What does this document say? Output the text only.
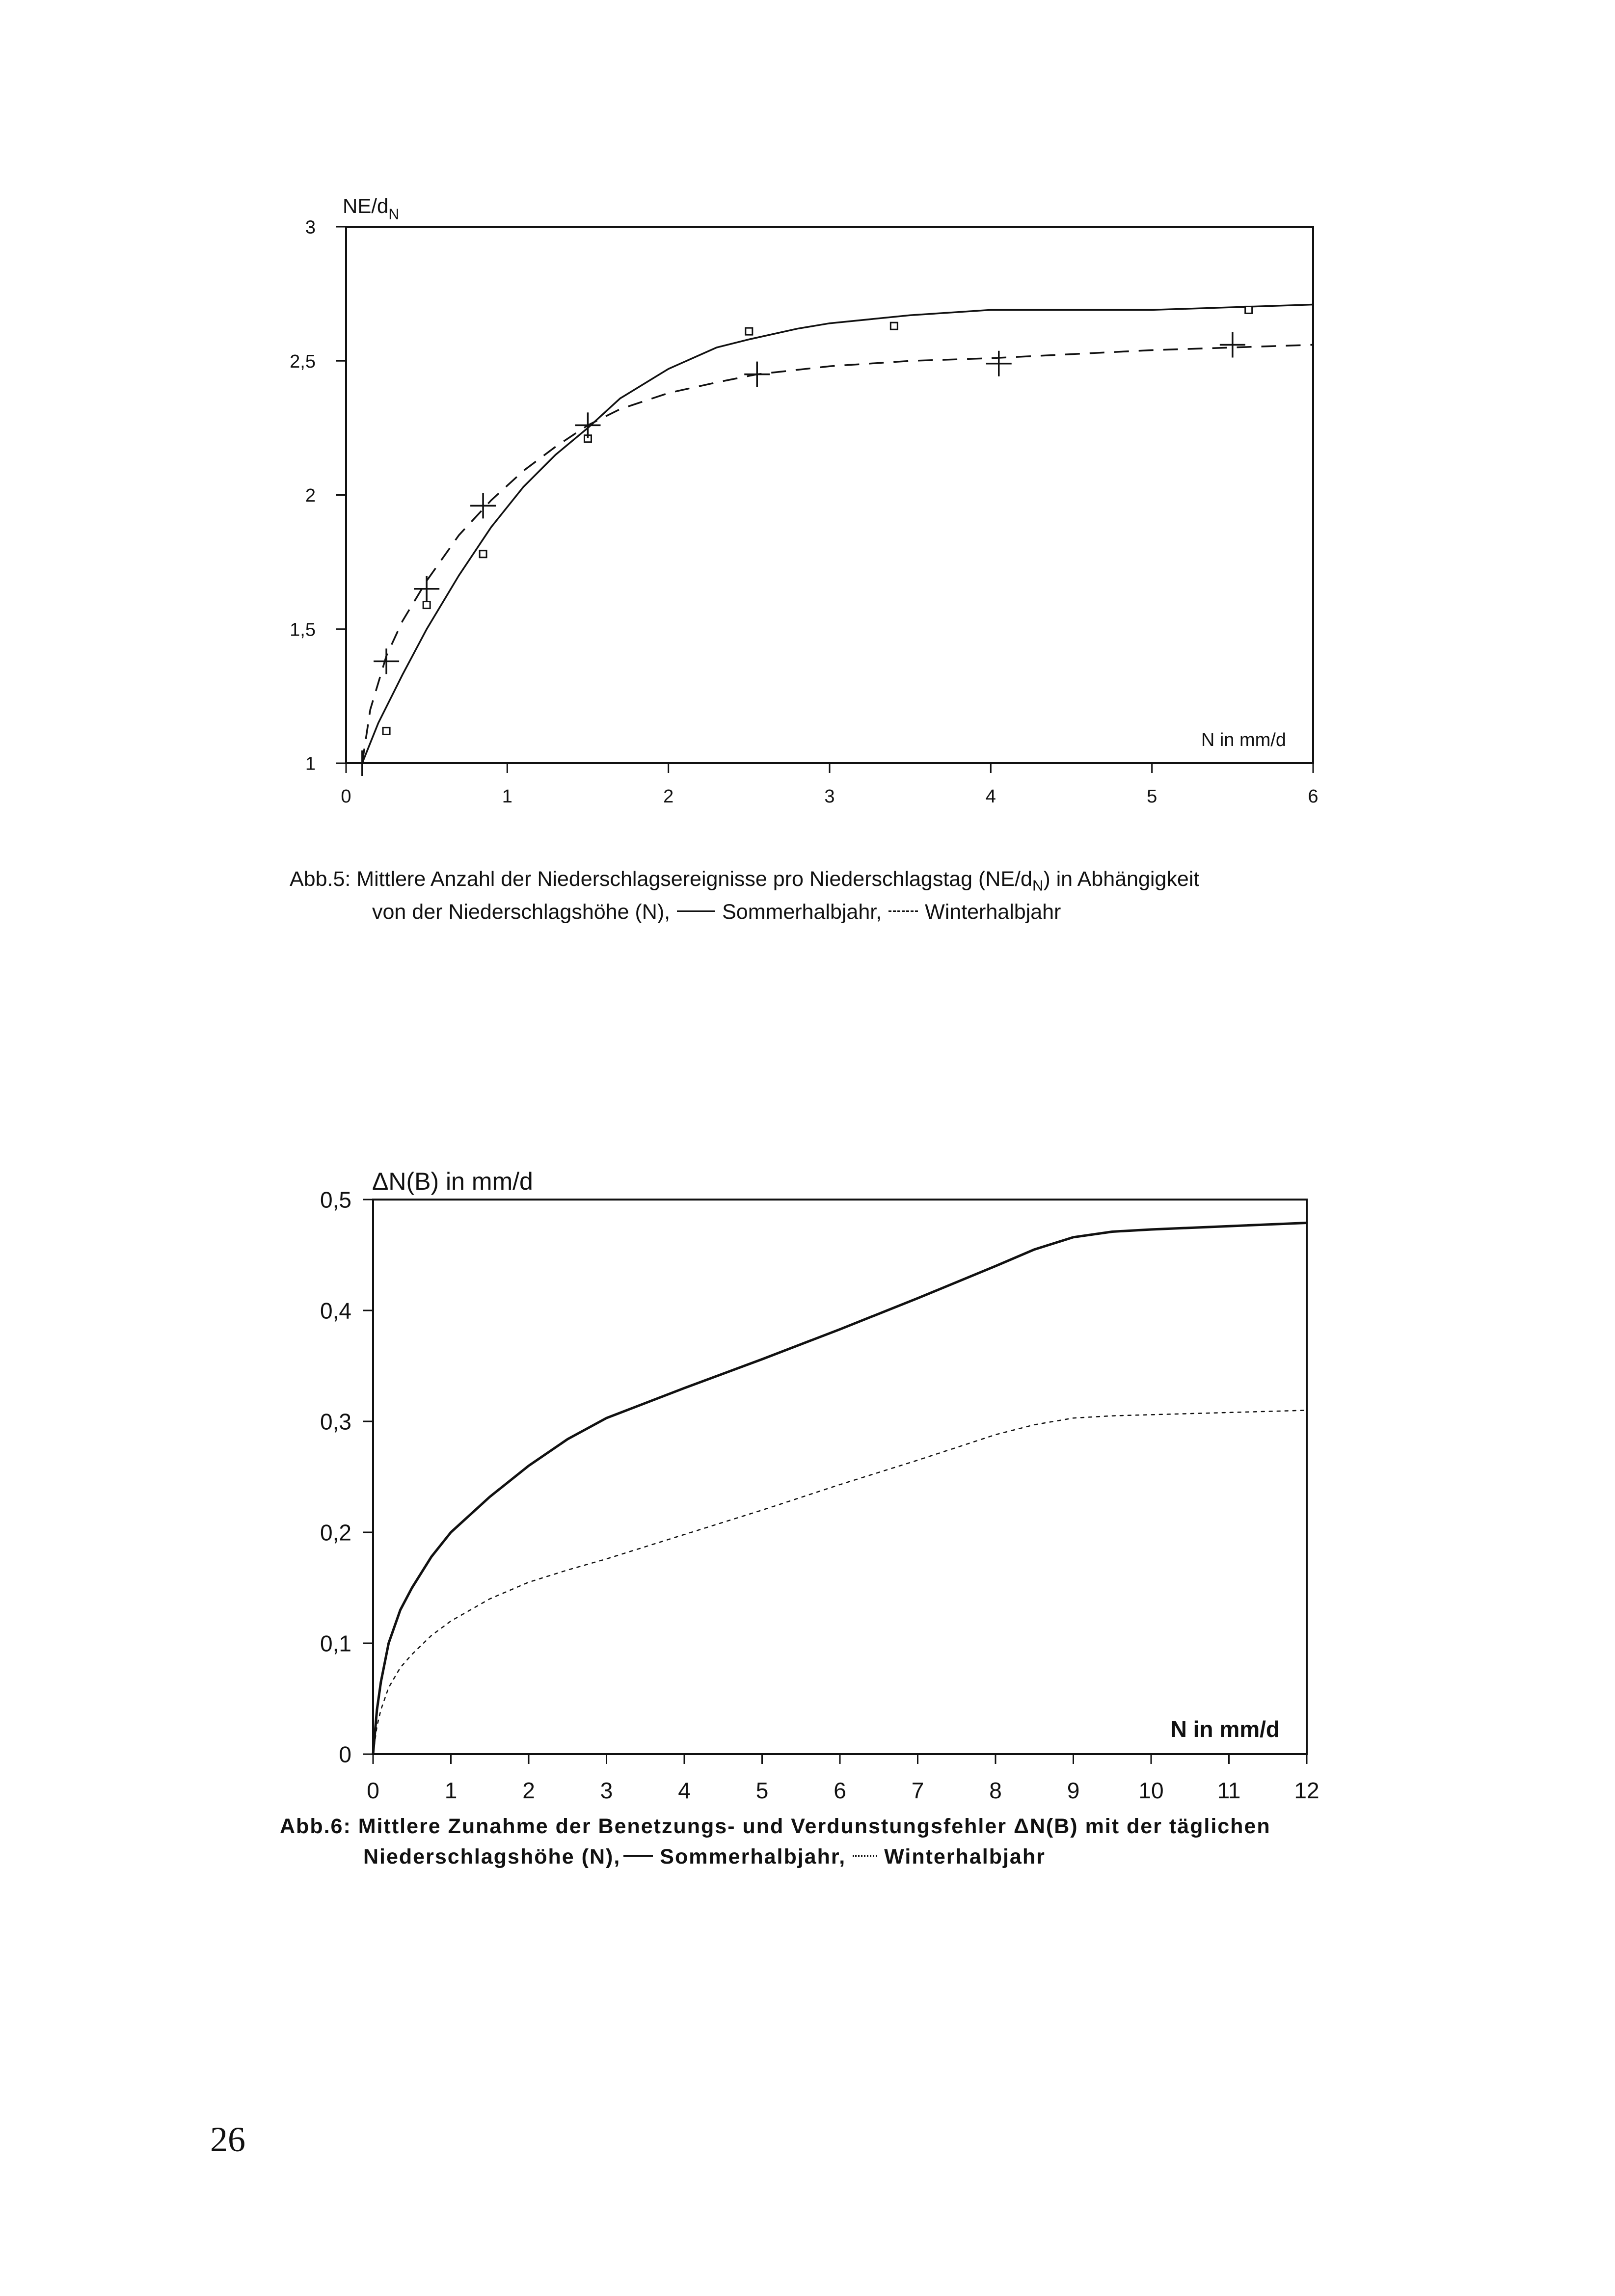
0	1	2	3	4	5	6
1
1,5
2
2,5
3
$NE/d_N$
N in mm/d
0	1	2	3	4	5	6	7	8	9	10 11 12
0
0,1
0,2
0,3
0,4
0,5
ΔN(B) in mm/d
N in mm/d
Abb.5: Mittlere Anzahl der Niederschlagsereignisse pro Niederschlagstag $(NE/d_N)$ in Abhängigkeit
von der Niederschlagshöhe (N), Sommerhalbjahr, Winterhalbjahr
Abb.6: Mittlere Zunahme der Benetzungs- und Verdunstungsfehler ΔN(B) mit der täglichen
Niederschlagshöhe (N), Sommerhalbjahr, Winterhalbjahr
26
